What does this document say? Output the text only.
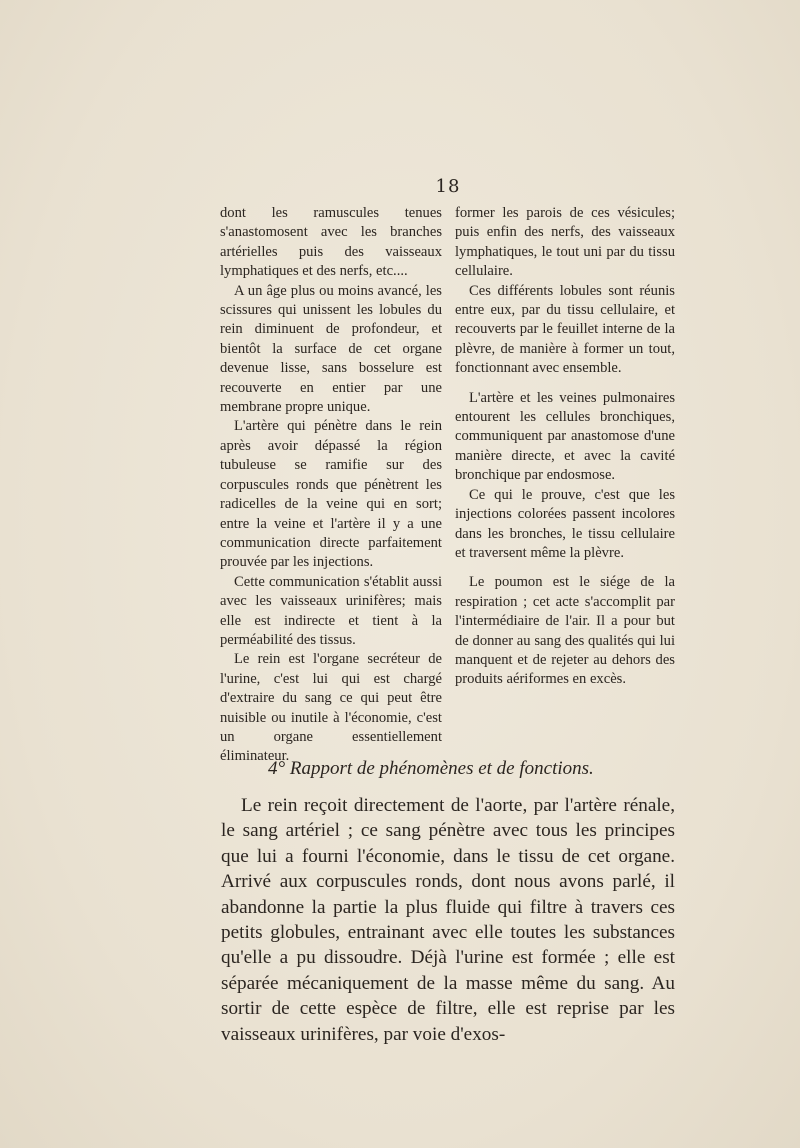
18

dont les ramuscules tenues s'anastomosent avec les branches artérielles puis des vaisseaux lymphatiques et des nerfs, etc....

A un âge plus ou moins avancé, les scissures qui unissent les lobules du rein diminuent de profondeur, et bientôt la surface de cet organe devenue lisse, sans bosselure est recouverte en entier par une membrane propre unique.

L'artère qui pénètre dans le rein après avoir dépassé la région tubuleuse se ramifie sur des corpuscules ronds que pénètrent les radicelles de la veine qui en sort; entre la veine et l'artère il y a une communication directe parfaitement prouvée par les injections.

Cette communication s'établit aussi avec les vaisseaux urinifères; mais elle est indirecte et tient à la perméabilité des tissus.

Le rein est l'organe secréteur de l'urine, c'est lui qui est chargé d'extraire du sang ce qui peut être nuisible ou inutile à l'économie, c'est un organe essentiellement éliminateur.

former les parois de ces vésicules; puis enfin des nerfs, des vaisseaux lymphatiques, le tout uni par du tissu cellulaire.

Ces différents lobules sont réunis entre eux, par du tissu cellulaire, et recouverts par le feuillet interne de la plèvre, de manière à former un tout, fonctionnant avec ensemble.

L'artère et les veines pulmonaires entourent les cellules bronchiques, communiquent par anastomose d'une manière directe, et avec la cavité bronchique par endosmose.

Ce qui le prouve, c'est que les injections colorées passent incolores dans les bronches, le tissu cellulaire et traversent même la plèvre.

Le poumon est le siége de la respiration ; cet acte s'accomplit par l'intermédiaire de l'air. Il a pour but de donner au sang des qualités qui lui manquent et de rejeter au dehors des produits aériformes en excès.

4° Rapport de phénomènes et de fonctions.

Le rein reçoit directement de l'aorte, par l'artère rénale, le sang artériel ; ce sang pénètre avec tous les principes que lui a fourni l'économie, dans le tissu de cet organe. Arrivé aux corpuscules ronds, dont nous avons parlé, il abandonne la partie la plus fluide qui filtre à travers ces petits globules, entrainant avec elle toutes les substances qu'elle a pu dissoudre. Déjà l'urine est formée ; elle est séparée mécaniquement de la masse même du sang. Au sortir de cette espèce de filtre, elle est reprise par les vaisseaux urinifères, par voie d'exos-
